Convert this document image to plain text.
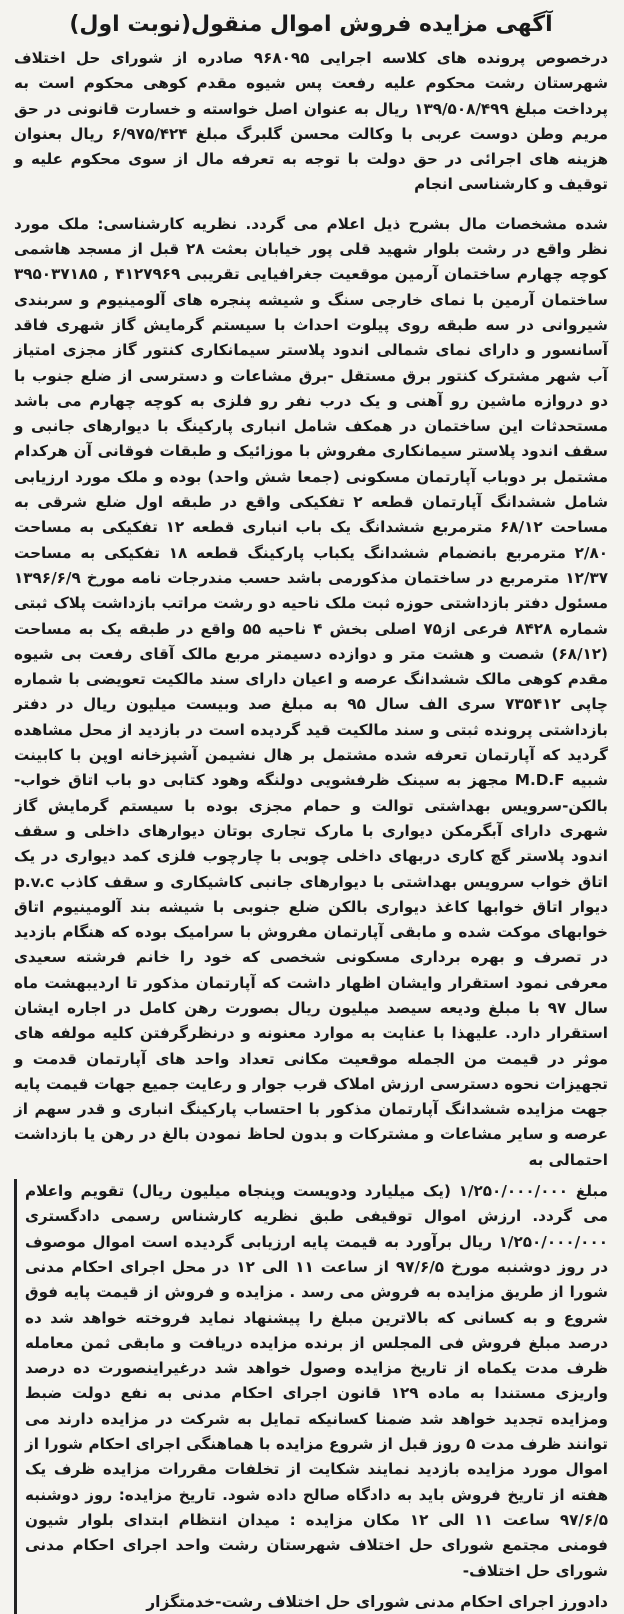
آگهی مزایده فروش اموال منقول(نوبت اول)

درخصوص پرونده های کلاسه اجرایی ۹۶۸۰۹۵ صادره از شورای حل اختلاف شهرستان رشت محکوم علیه رفعت پس شیوه مقدم کوهی محکوم است به پرداخت مبلغ ۱۳۹/۵۰۸/۴۹۹ ریال به عنوان اصل خواسته و خسارت قانونی در حق مریم وطن دوست عربی با وکالت محسن گلبرگ مبلغ ۶/۹۷۵/۴۲۴ ریال بعنوان هزینه های اجرائی در حق دولت با توجه به تعرفه مال از سوی محکوم علیه و توقیف و کارشناسی انجام

شده مشخصات مال بشرح ذیل اعلام می گردد. نظریه کارشناسی: ملک مورد نظر واقع در رشت بلوار شهید قلی پور خیابان بعثت ۲۸ قبل از مسجد هاشمی کوچه چهارم ساختمان آرمین موقعیت جغرافیایی تقریبی ۴۱۲۷۹۶۹ , ۳۹۵۰۳۷۱۸۵ ساختمان آرمین با نمای خارجی سنگ و شیشه پنجره های آلومینیوم و سربندی شیروانی در سه طبقه روی پیلوت احداث با سیستم گرمایش گاز شهری فاقد آسانسور و دارای نمای شمالی اندود پلاستر سیمانکاری کنتور گاز مجزی امتیاز آب شهر مشترک کنتور برق مستقل -برق مشاعات و دسترسی از ضلع جنوب با دو دروازه ماشین رو آهنی و یک درب نفر رو فلزی به کوچه چهارم می باشد مستحدثات این ساختمان در همکف شامل انباری پارکینگ با دیوارهای جانبی و سقف اندود پلاستر سیمانکاری مفروش با موزائیک و طبقات فوقانی آن هرکدام مشتمل بر دوباب آپارتمان مسکونی (جمعا شش واحد) بوده و ملک مورد ارزیابی شامل ششدانگ آپارتمان قطعه ۲ تفکیکی واقع در طبقه اول ضلع شرقی به مساحت ۶۸/۱۲ مترمربع ششدانگ یک باب انباری قطعه ۱۲ تفکیکی به مساحت ۲/۸۰ مترمربع بانضمام ششدانگ یکباب پارکینگ قطعه ۱۸ تفکیکی به مساحت ۱۲/۳۷ مترمربع در ساختمان مذکورمی باشد حسب مندرجات نامه مورخ ۱۳۹۶/۶/۹ مسئول دفتر بازداشتی حوزه ثبت ملک ناحیه دو رشت مراتب بازداشت پلاک ثبتی شماره ۸۴۲۸ فرعی از۷۵ اصلی بخش ۴ ناحیه ۵۵ واقع در طبقه یک به مساحت (۶۸/۱۲) شصت و هشت متر و دوازده دسیمتر مربع مالک آقای رفعت بی شیوه مقدم کوهی مالک ششدانگ عرصه و اعیان دارای سند مالکیت تعویضی با شماره چاپی ۷۳۵۴۱۲ سری الف سال ۹۵ به مبلغ صد وبیست میلیون ریال در دفتر بازداشتی پرونده ثبتی و سند مالکیت قید گردیده است در بازدید از محل مشاهده گردید که آپارتمان تعرفه شده مشتمل بر هال نشیمن آشپزخانه اوپن با کابینت شبیه M.D.F مجهز به سینک ظرفشویی دولنگه وهود کتابی دو باب اتاق خواب-بالکن-سرویس بهداشتی توالت و حمام مجزی بوده با سیستم گرمایش گاز شهری دارای آبگرمکن دیواری با مارک تجاری بوتان دیوارهای داخلی و سقف اندود پلاستر گچ کاری دربهای داخلی چوبی با چارچوب فلزی کمد دیواری در یک اتاق خواب سرویس بهداشتی با دیوارهای جانبی کاشیکاری و سقف کاذب p.v.c دیوار اتاق خوابها کاغذ دیواری بالکن ضلع جنوبی با شیشه بند آلومینیوم اتاق خوابهای موکت شده و مابقی آپارتمان مفروش با سرامیک بوده که هنگام بازدید در تصرف و بهره برداری مسکونی شخصی که خود را خانم فرشته سعیدی معرفی نمود استقرار وایشان اظهار داشت که آپارتمان مذکور تا اردیبهشت ماه سال ۹۷ با مبلغ ودیعه سیصد میلیون ریال بصورت رهن کامل در اجاره ایشان استقرار دارد. علیهذا با عنایت به موارد معنونه و درنظرگرفتن کلیه مولفه های موثر در قیمت من الجمله موقعیت مکانی تعداد واحد های آپارتمان قدمت و تجهیزات نحوه دسترسی ارزش املاک قرب جوار و رعایت جمیع جهات قیمت پایه جهت مزایده ششدانگ آپارتمان مذکور با احتساب پارکینگ انباری و قدر سهم از عرصه و سایر مشاعات و مشترکات و بدون لحاظ نمودن بالغ در رهن یا بازداشت احتمالی به

مبلغ ۱/۲۵۰/۰۰۰/۰۰۰ (یک میلیارد ودویست وپنجاه میلیون ریال) تقویم واعلام می گردد. ارزش اموال توقیفی طبق نظریه کارشناس رسمی دادگستری ۱/۲۵۰/۰۰۰/۰۰۰ ریال برآورد به قیمت پایه ارزیابی گردیده است اموال موصوف در روز دوشنبه مورخ ۹۷/۶/۵ از ساعت ۱۱ الی ۱۲ در محل اجرای احکام مدنی شورا از طریق مزایده به فروش می رسد . مزایده و فروش از قیمت پایه فوق شروع و به کسانی که بالاترین مبلغ را پیشنهاد نماید فروخته خواهد شد ده درصد مبلغ فروش فی المجلس از برنده مزایده دریافت و مابقی ثمن معامله ظرف مدت یکماه از تاریخ مزایده وصول خواهد شد درغیراینصورت ده درصد واریزی مستندا به ماده ۱۲۹ قانون اجرای احکام مدنی به نفع دولت ضبط ومزایده تجدید خواهد شد ضمنا کسانیکه تمایل به شرکت در مزایده دارند می توانند ظرف مدت ۵ روز قبل از شروع مزایده با هماهنگی اجرای احکام شورا از اموال مورد مزایده بازدید نمایند شکایت از تخلفات مقررات مزایده ظرف یک هفته از تاریخ فروش باید به دادگاه صالح داده شود. تاریخ مزایده: روز دوشنبه ۹۷/۶/۵ ساعت ۱۱ الی ۱۲ مکان مزایده : میدان انتظام ابتدای بلوار شیون فومنی مجتمع شورای حل اختلاف شهرستان رشت واحد اجرای احکام مدنی شورای حل اختلاف-

دادورز اجرای احکام مدنی شورای حل اختلاف رشت-خدمتگزار
